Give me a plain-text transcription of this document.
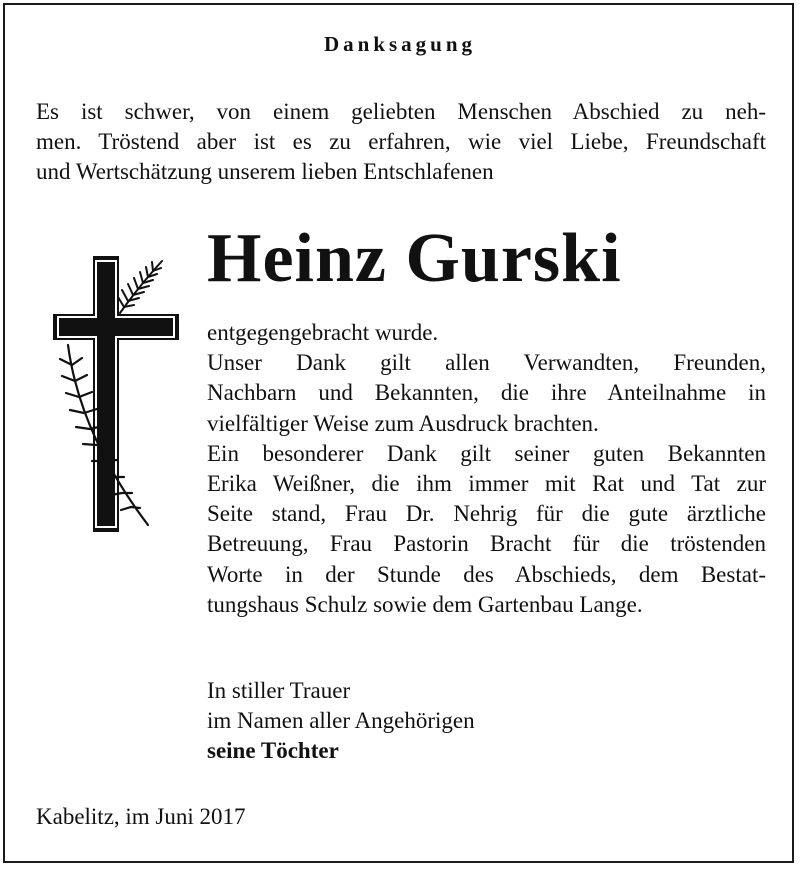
Danksagung
Es ist schwer, von einem geliebten Menschen Abschied zu neh-
men. Tröstend aber ist es zu erfahren, wie viel Liebe, Freundschaft
und Wertschätzung unserem lieben Entschlafenen
Heinz Gurski
entgegengebracht wurde.
Unser Dank gilt allen Verwandten, Freunden,
Nachbarn und Bekannten, die ihre Anteilnahme in
vielfältiger Weise zum Ausdruck brachten.
Ein besonderer Dank gilt seiner guten Bekannten
Erika Weißner, die ihm immer mit Rat und Tat zur
Seite stand, Frau Dr. Nehrig für die gute ärztliche
Betreuung, Frau Pastorin Bracht für die tröstenden
Worte in der Stunde des Abschieds, dem Bestat-
tungshaus Schulz sowie dem Gartenbau Lange.
In stiller Trauer
im Namen aller Angehörigen
seine Töchter
Kabelitz, im Juni 2017
